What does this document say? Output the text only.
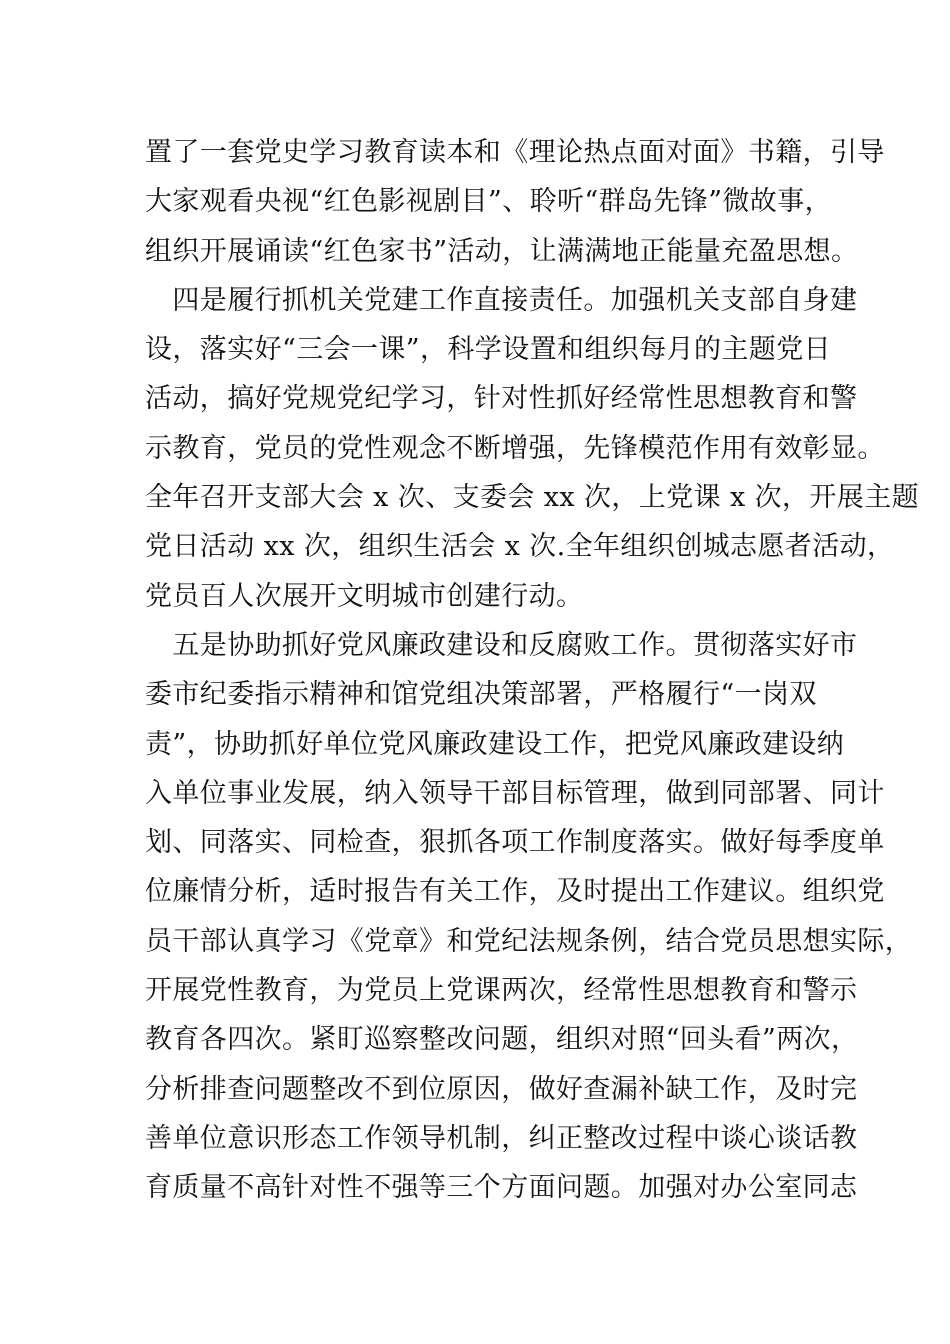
置了一套党史学习教育读本和《理论热点面对面》书籍，引导
大家观看央视“红色影视剧目”、聆听“群岛先锋”微故事，
组织开展诵读“红色家书”活动，让满满地正能量充盈思想。
　四是履行抓机关党建工作直接责任。加强机关支部自身建
设，落实好“三会一课”，科学设置和组织每月的主题党日
活动，搞好党规党纪学习，针对性抓好经常性思想教育和警
示教育，党员的党性观念不断增强，先锋模范作用有效彰显。
全年召开支部大会 x 次、支委会 xx 次，上党课 x 次，开展主题
党日活动 xx 次，组织生活会 x 次.全年组织创城志愿者活动，
党员百人次展开文明城市创建行动。
　五是协助抓好党风廉政建设和反腐败工作。贯彻落实好市
委市纪委指示精神和馆党组决策部署，严格履行“一岗双
责”，协助抓好单位党风廉政建设工作，把党风廉政建设纳
入单位事业发展，纳入领导干部目标管理，做到同部署、同计
划、同落实、同检查，狠抓各项工作制度落实。做好每季度单
位廉情分析，适时报告有关工作，及时提出工作建议。组织党
员干部认真学习《党章》和党纪法规条例，结合党员思想实际，
开展党性教育，为党员上党课两次，经常性思想教育和警示
教育各四次。紧盯巡察整改问题，组织对照“回头看”两次，
分析排查问题整改不到位原因，做好查漏补缺工作，及时完
善单位意识形态工作领导机制，纠正整改过程中谈心谈话教
育质量不高针对性不强等三个方面问题。加强对办公室同志
